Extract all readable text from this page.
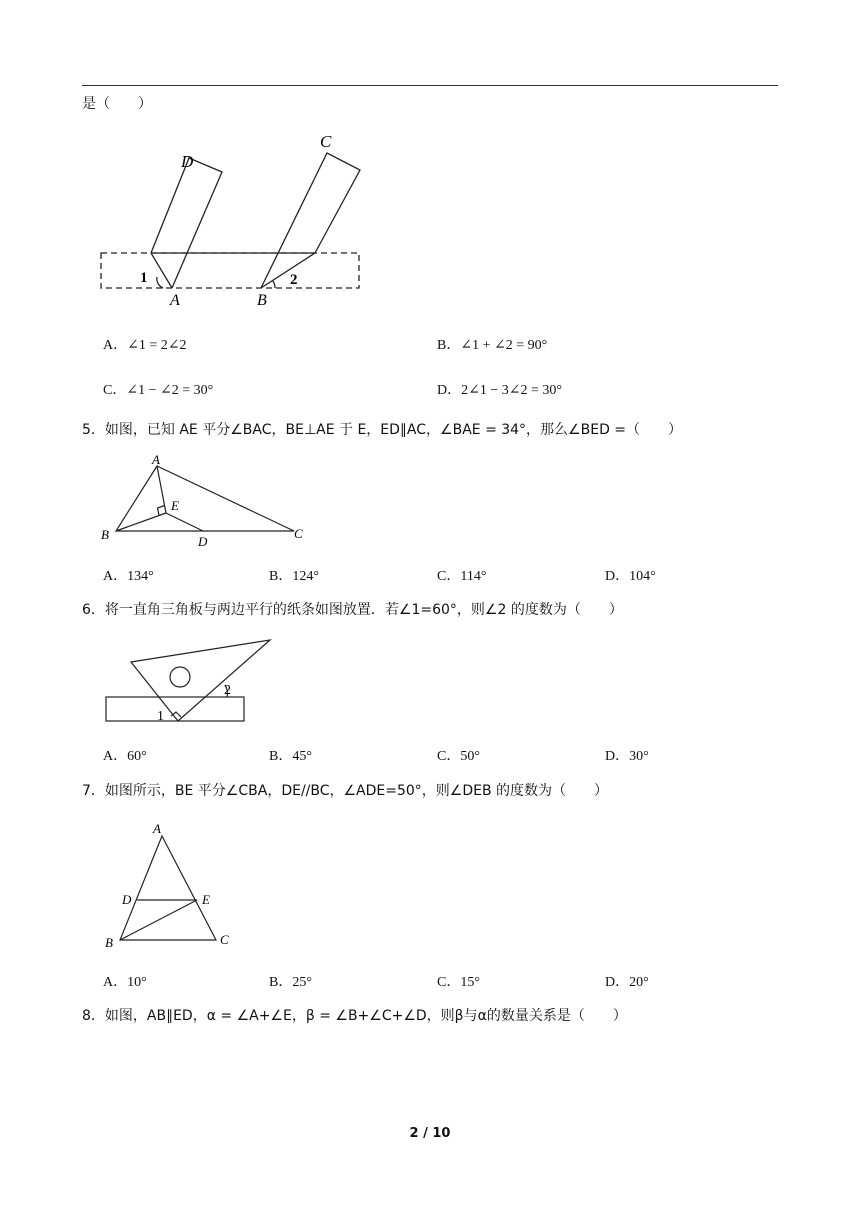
是（　　）
D
C
A	B
1	2
A．∠1 = 2∠2	B．∠1 + ∠2 = 90°
C．∠1 − ∠2 = 30°	D．2∠1 − 3∠2 = 30°
5．如图，已知 AE 平分∠BAC，BE⊥AE 于 E，ED∥AC，∠BAE = 34°，那么∠BED =（　　）
A
B	C
D
E
A．134°	B．124°	C．114°	D．104°
6．将一直角三角板与两边平行的纸条如图放置．若∠1=60°，则∠2 的度数为（　　）
1
2
A．60°	B．45°	C．50°	D．30°
7．如图所示，BE 平分∠CBA，DE//BC，∠ADE=50°，则∠DEB 的度数为（　　）
A
D	E
B	C
A．10°	B．25°	C．15°	D．20°
8．如图，AB∥ED，α = ∠A+∠E，β = ∠B+∠C+∠D，则β与α的数量关系是（　　）
2 / 10
